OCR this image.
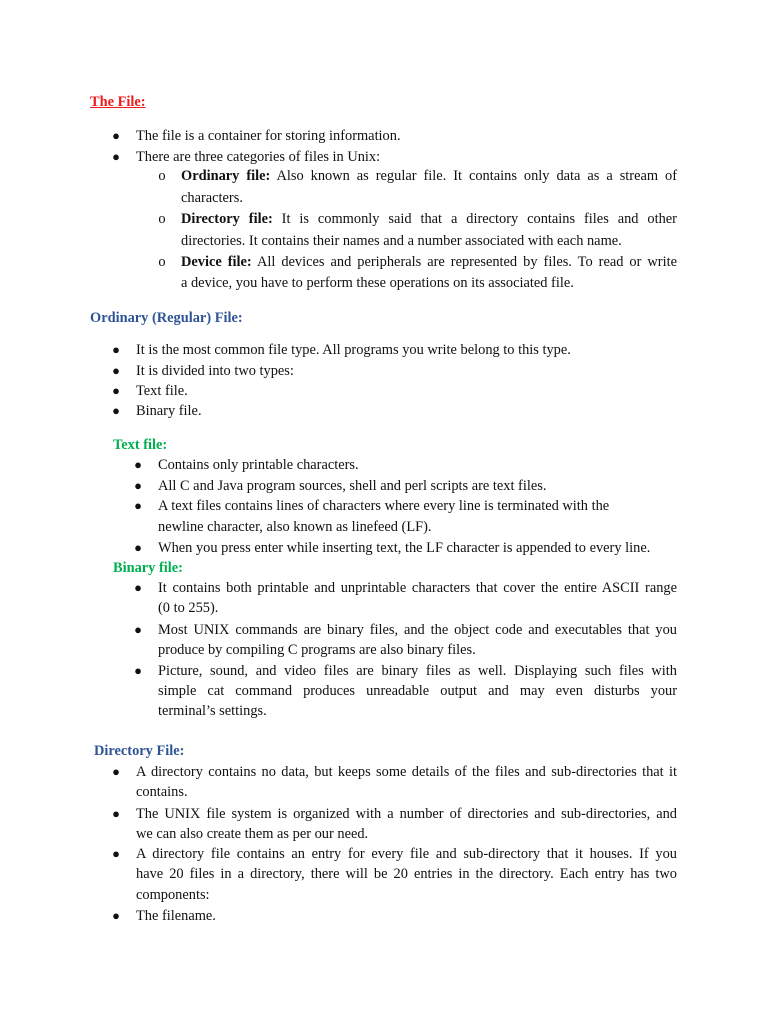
The File:
● The file is a container for storing information.
● There are three categories of files in Unix:
o Ordinary file: Also known as regular file. It contains only data as a stream of
characters.
o Directory file: It is commonly said that a directory contains files and other
directories. It contains their names and a number associated with each name.
o Device file: All devices and peripherals are represented by files. To read or write
a device, you have to perform these operations on its associated file.
Ordinary (Regular) File:
● It is the most common file type. All programs you write belong to this type.
● It is divided into two types:
● Text file.
● Binary file.
Text file:
● Contains only printable characters.
● All C and Java program sources, shell and perl scripts are text files.
● A text files contains lines of characters where every line is terminated with the
newline character, also known as linefeed (LF).
● When you press enter while inserting text, the LF character is appended to every line.
Binary file:
● It contains both printable and unprintable characters that cover the entire ASCII range
(0 to 255).
● Most UNIX commands are binary files, and the object code and executables that you
produce by compiling C programs are also binary files.
● Picture, sound, and video files are binary files as well. Displaying such files with
simple cat command produces unreadable output and may even disturbs your
terminal’s settings.
Directory File:
● A directory contains no data, but keeps some details of the files and sub-directories that it
contains.
● The UNIX file system is organized with a number of directories and sub-directories, and
we can also create them as per our need.
● A directory file contains an entry for every file and sub-directory that it houses. If you
have 20 files in a directory, there will be 20 entries in the directory. Each entry has two
components:
● The filename.
